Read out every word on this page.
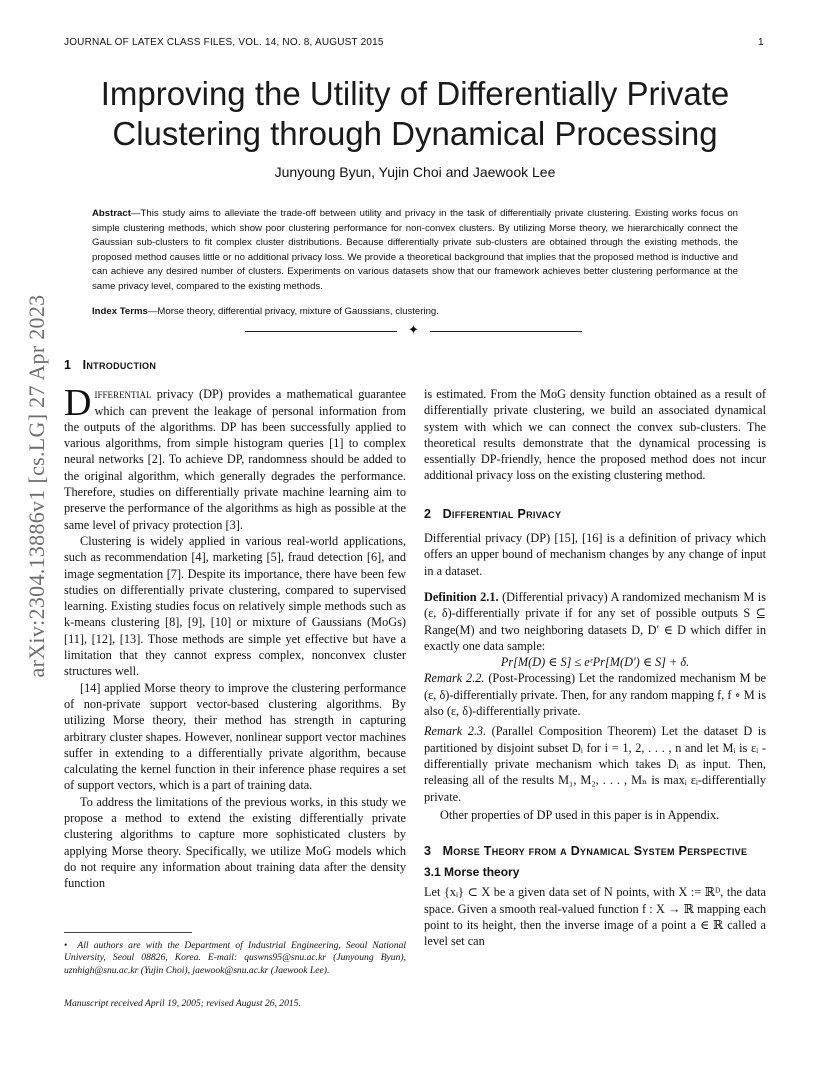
JOURNAL OF LATEX CLASS FILES, VOL. 14, NO. 8, AUGUST 2015	1
arXiv:2304.13886v1 [cs.LG] 27 Apr 2023
Improving the Utility of Differentially Private
Clustering through Dynamical Processing
Junyoung Byun, Yujin Choi and Jaewook Lee
Abstract—This study aims to alleviate the trade-off between utility and privacy in the task of differentially private clustering. Existing works focus on simple clustering methods, which show poor clustering performance for non-convex clusters. By utilizing Morse theory, we hierarchically connect the Gaussian sub-clusters to fit complex cluster distributions. Because differentially private sub-clusters are obtained through the existing methods, the proposed method causes little or no additional privacy loss. We provide a theoretical background that implies that the proposed method is inductive and can achieve any desired number of clusters. Experiments on various datasets show that our framework achieves better clustering performance at the same privacy level, compared to the existing methods.
Index Terms—Morse theory, differential privacy, mixture of Gaussians, clustering.
✦

1 Introduction

Differential privacy (DP) provides a mathematical guarantee which can prevent the leakage of personal information from the outputs of the algorithms. DP has been successfully applied to various algorithms, from simple histogram queries [1] to complex neural networks [2]. To achieve DP, randomness should be added to the original algorithm, which generally degrades the performance. Therefore, studies on differentially private machine learning aim to preserve the performance of the algorithms as high as possible at the same level of privacy protection [3].

Clustering is widely applied in various real-world applications, such as recommendation [4], marketing [5], fraud detection [6], and image segmentation [7]. Despite its importance, there have been few studies on differentially private clustering, compared to supervised learning. Existing studies focus on relatively simple methods such as k-means clustering [8], [9], [10] or mixture of Gaussians (MoGs) [11], [12], [13]. Those methods are simple yet effective but have a limitation that they cannot express complex, nonconvex cluster structures well.

[14] applied Morse theory to improve the clustering performance of non-private support vector-based clustering algorithms. By utilizing Morse theory, their method has strength in capturing arbitrary cluster shapes. However, nonlinear support vector machines suffer in extending to a differentially private algorithm, because calculating the kernel function in their inference phase requires a set of support vectors, which is a part of training data.

To address the limitations of the previous works, in this study we propose a method to extend the existing differentially private clustering algorithms to capture more sophisticated clusters by applying Morse theory. Specifically, we utilize MoG models which do not require any information about training data after the density function

• All authors are with the Department of Industrial Engineering, Seoul National University, Seoul 08826, Korea. E-mail: quswns95@snu.ac.kr (Junyoung Byun), uznhigh@snu.ac.kr (Yujin Choi), jaewook@snu.ac.kr (Jaewook Lee).
Manuscript received April 19, 2005; revised August 26, 2015.

is estimated. From the MoG density function obtained as a result of differentially private clustering, we build an associated dynamical system with which we can connect the convex sub-clusters. The theoretical results demonstrate that the dynamical processing is essentially DP-friendly, hence the proposed method does not incur additional privacy loss on the existing clustering method.

2 Differential Privacy

Differential privacy (DP) [15], [16] is a definition of privacy which offers an upper bound of mechanism changes by any change of input in a dataset.

Definition 2.1. (Differential privacy) A randomized mechanism M is (ε, δ)-differentially private if for any set of possible outputs S ⊆ Range(M) and two neighboring datasets D, D′ ∈ D which differ in exactly one data sample:

Pr[M(D) ∈ S] ≤ eᵋPr[M(D′) ∈ S] + δ.

Remark 2.2. (Post-Processing) Let the randomized mechanism M be (ε, δ)-differentially private. Then, for any random mapping f, f ∘ M is also (ε, δ)-differentially private.

Remark 2.3. (Parallel Composition Theorem) Let the dataset D is partitioned by disjoint subset Dᵢ for i = 1, 2, . . . , n and let Mᵢ is εᵢ - differentially private mechanism which takes Dᵢ as input. Then, releasing all of the results M₁, M₂, . . . , Mₙ is maxᵢ εᵢ-differentially private.

Other properties of DP used in this paper is in Appendix.

3 Morse Theory from a Dynamical System Perspective

3.1 Morse theory

Let {xᵢ} ⊂ X be a given data set of N points, with X := ℝᴰ, the data space. Given a smooth real-valued function f : X → ℝ mapping each point to its height, then the inverse image of a point a ∈ ℝ called a level set can
